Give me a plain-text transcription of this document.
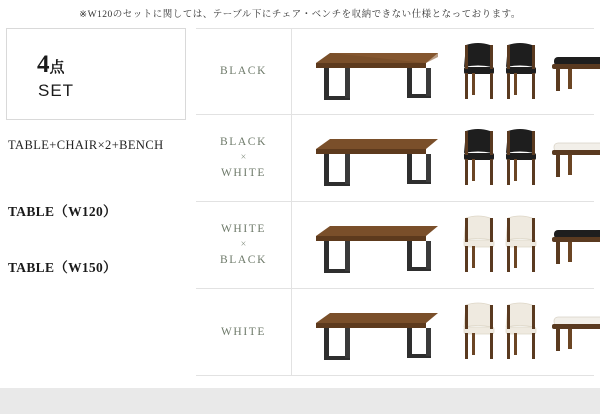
※W120のセットに関しては、テーブル下にチェア・ベンチを収納できない仕様となっております。
4点
SET
TABLE+CHAIR×2+BENCH
TABLE（W120）
TABLE（W150）
BLACK
BLACK
×
WHITE
WHITE
×
BLACK
WHITE
